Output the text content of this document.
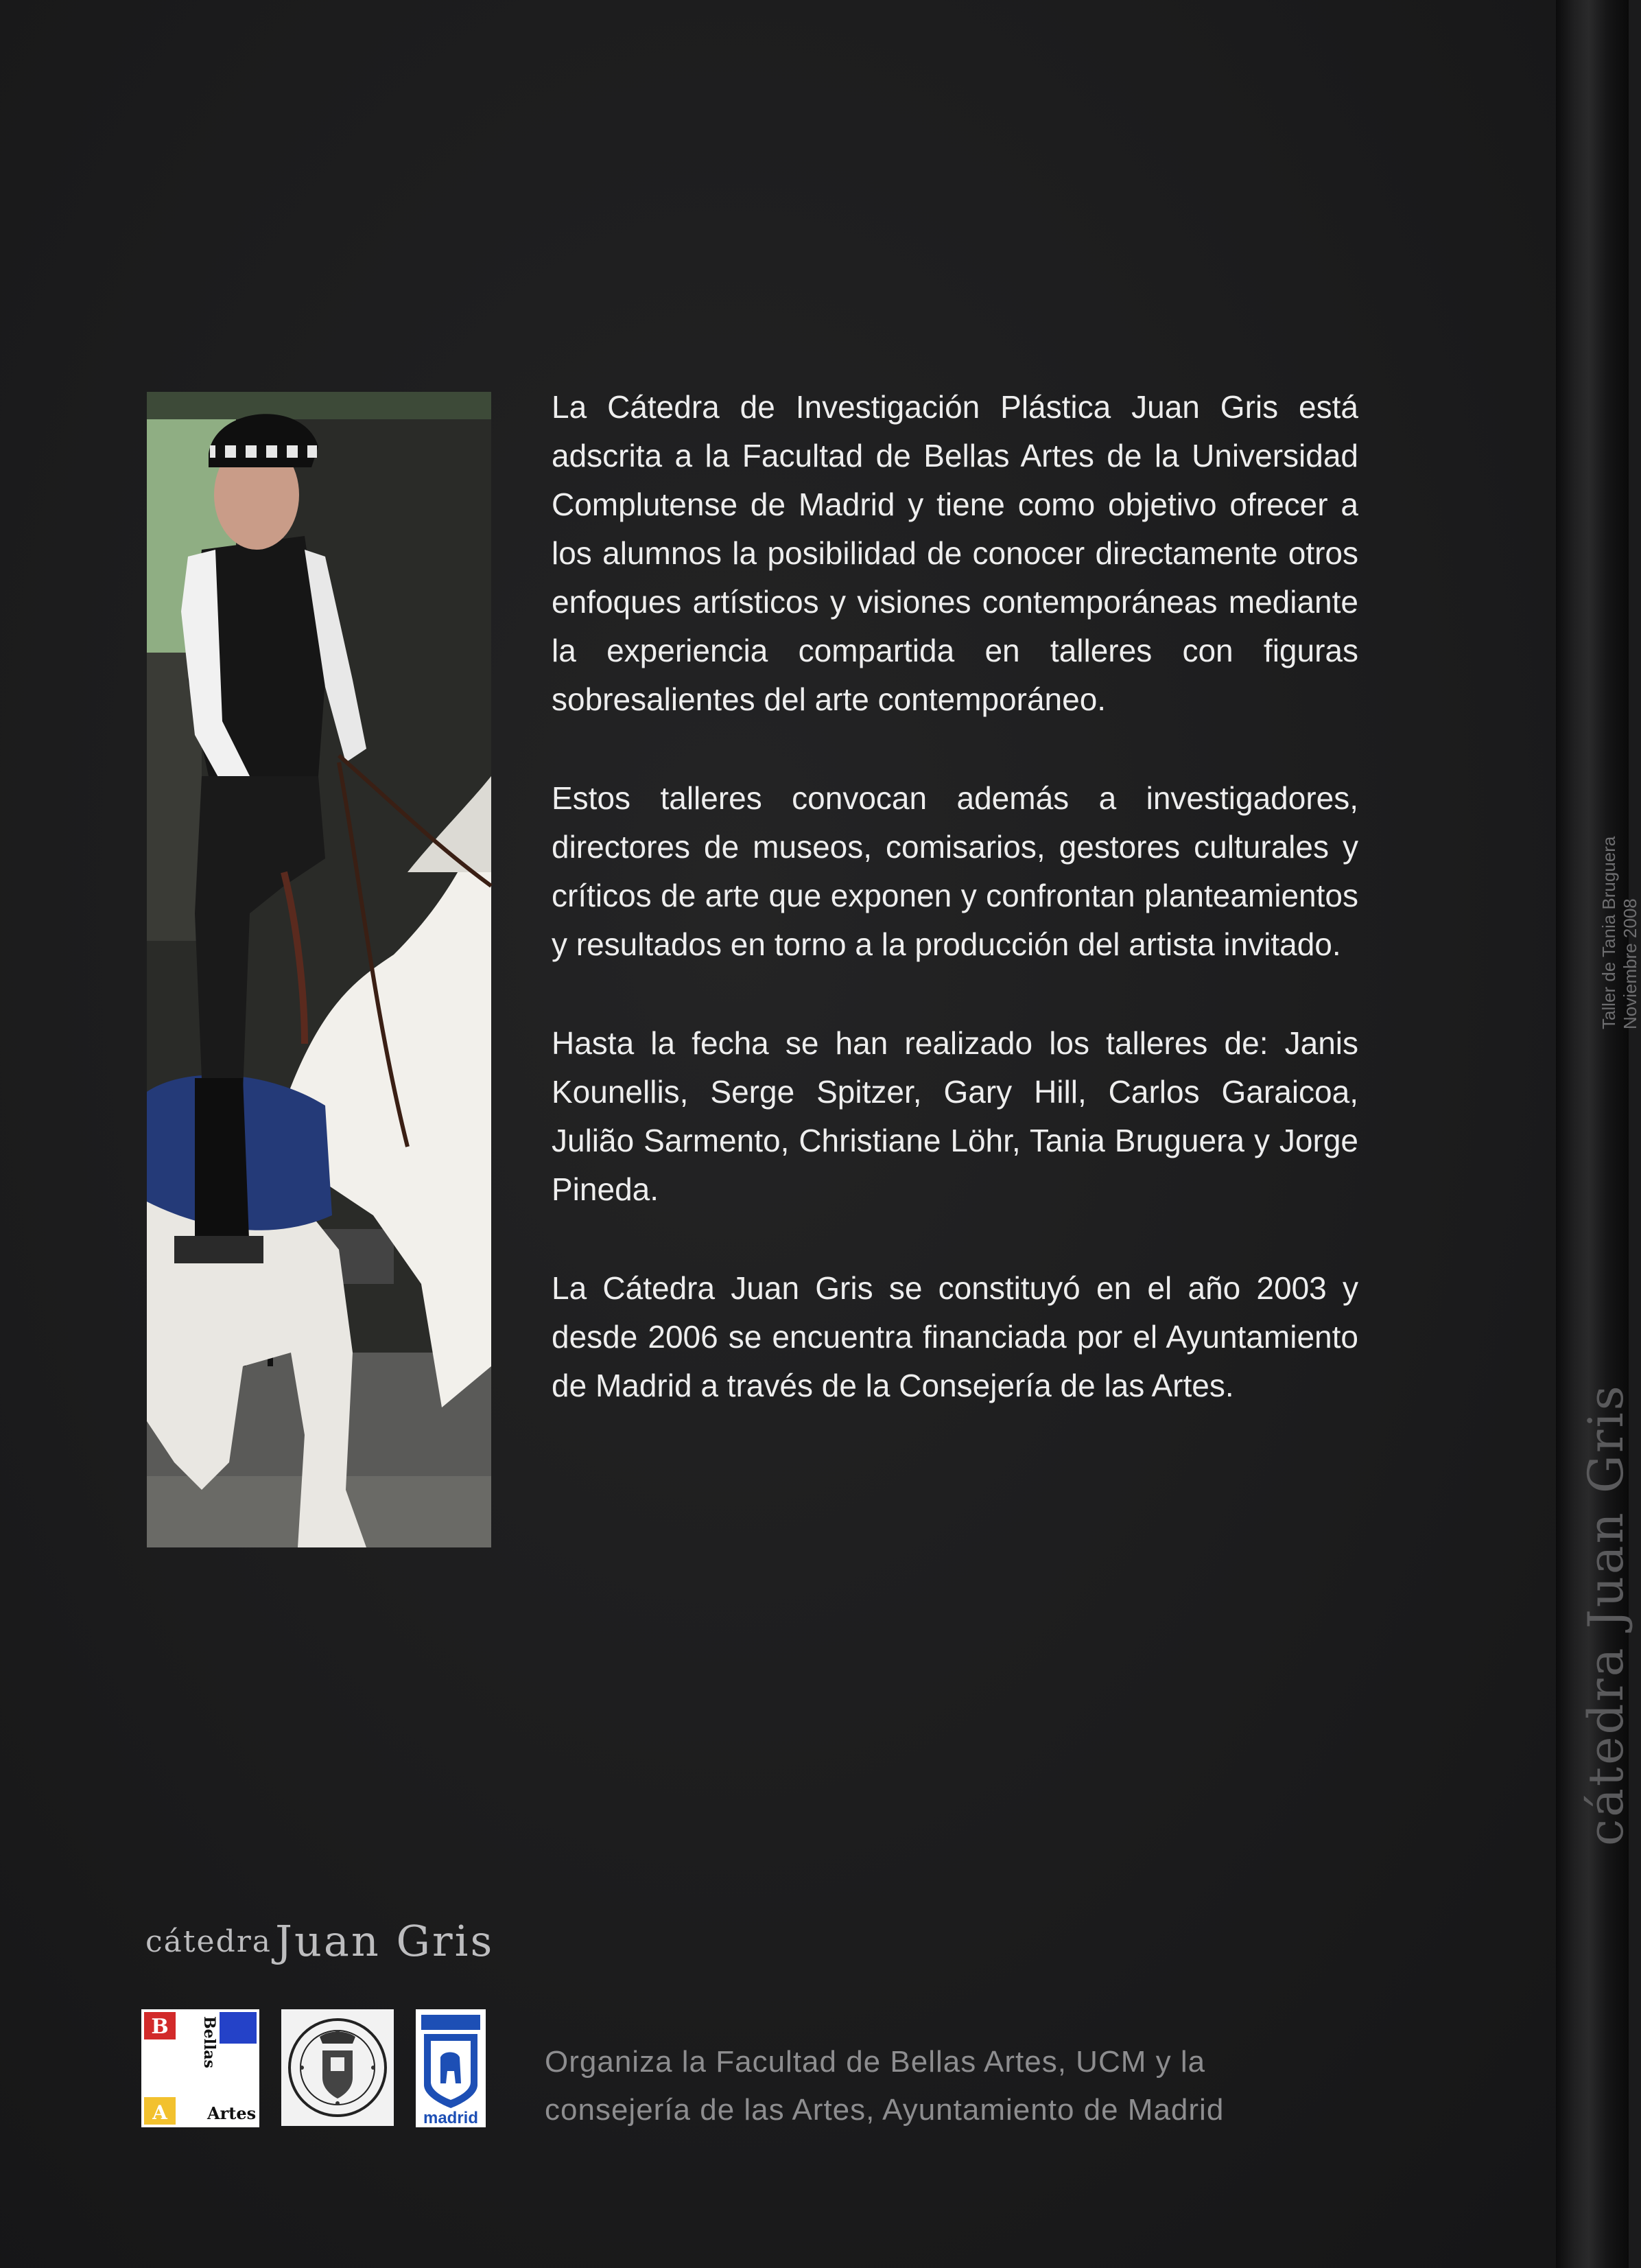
cátedra Juan Gris
Taller de Tania Bruguera Noviembre 2008

La Cátedra de Investigación Plástica Juan Gris está adscrita a la Facultad de Bellas Artes de la Universidad Complutense de Madrid y tiene como objetivo ofrecer a los alumnos la posibilidad de conocer directamente otros enfoques artísticos y visiones contemporáneas mediante la experiencia compartida en talleres con figuras sobresalientes del arte contemporáneo.

Estos talleres convocan además a investigadores, directores de museos, comisarios, gestores culturales y críticos de arte que exponen y confrontan planteamientos y resultados en torno a la producción del artista invitado.

Hasta la fecha se han realizado los talleres de: Janis Kounellis, Serge Spitzer, Gary Hill, Carlos Garaicoa, Julião Sarmento, Christiane Löhr, Tania Bruguera y Jorge Pineda.

La Cátedra Juan Gris se constituyó en el año 2003 y desde 2006 se encuentra financiada por el Ayuntamiento de Madrid a través de la Consejería de las Artes.

cátedra Juan Gris
B
A
Bellas
Artes	madrid
Organiza la Facultad de Bellas Artes, UCM y la
consejería de las Artes, Ayuntamiento de Madrid
